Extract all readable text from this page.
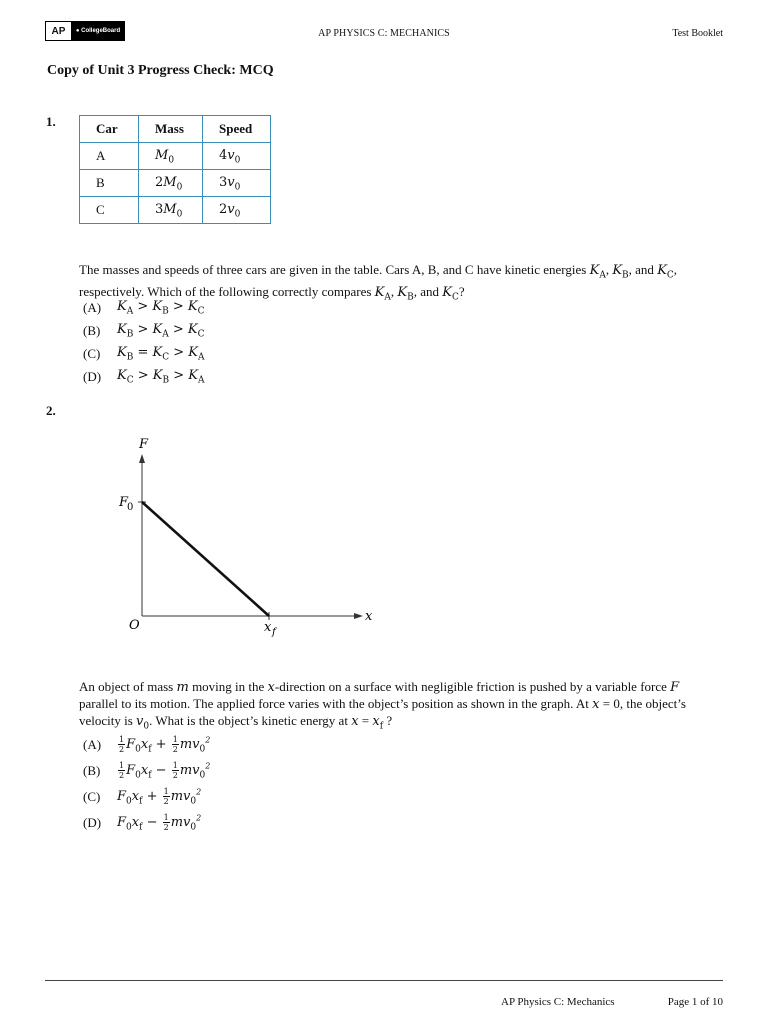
AP	● CollegeBoard	AP PHYSICS C: MECHANICS	Test Booklet
Copy of Unit 3 Progress Check: MCQ
1.	Car	Mass	Speed
A	$M_0$	$4v_0$
B	$2M_0$	$3v_0$
C	$3M_0$	$2v_0$
The masses and speeds of three cars are given in the table. Cars A, B, and C have kinetic energies $K_A$, $K_B$, and $K_C$, respectively. Which of the following correctly compares $K_A$, $K_B$, and $K_C$?
(A)	$K_A > K_B > K_C$
(B)	$K_B > K_A > K_C$
(C)	$K_B = K_C > K_A$
(D)	$K_C > K_B > K_A$
2.
F
x
O
F
0
x f
An object of mass m moving in the x-direction on a surface with negligible friction is pushed by a variable force F parallel to its motion. The applied force varies with the object’s position as shown in the graph. At x = 0, the object’s velocity is $v_0$. What is the object’s kinetic energy at $x = x_f$ ?
(A)	$\frac{1}{2} F_0x_f + \frac{1}{2} mv_0^2$
(B)	$\frac{1}{2} F_0x_f - \frac{1}{2} mv_0^2$
(C)	$F_0x_f + \frac{1}{2} mv_0^2$
(D)	$F_0x_f - \frac{1}{2} mv_0^2$
AP Physics C: Mechanics	Page 1 of 10
